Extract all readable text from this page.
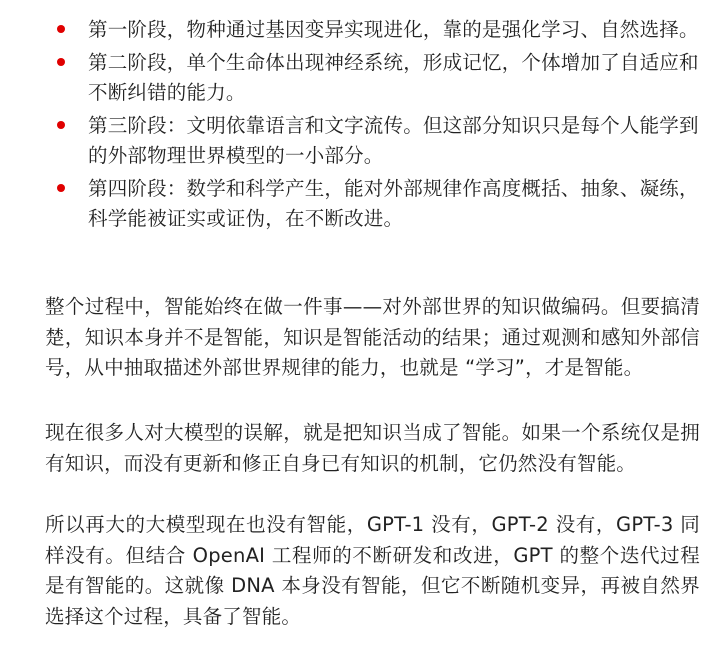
第一阶段，物种通过基因变异实现进化，靠的是强化学习、自然选择。
第二阶段，单个生命体出现神经系统，形成记忆，个体增加了自适应和不断纠错的能力。
第三阶段：文明依靠语言和文字流传。但这部分知识只是每个人能学到的外部物理世界模型的一小部分。
第四阶段：数学和科学产生，能对外部规律作高度概括、抽象、凝练，科学能被证实或证伪，在不断改进。

整个过程中，智能始终在做一件事——对外部世界的知识做编码。但要搞清楚，知识本身并不是智能，知识是智能活动的结果；通过观测和感知外部信号，从中抽取描述外部世界规律的能力，也就是 “学习”，才是智能。

现在很多人对大模型的误解，就是把知识当成了智能。如果一个系统仅是拥有知识，而没有更新和修正自身已有知识的机制，它仍然没有智能。

所以再大的大模型现在也没有智能，GPT-1 没有，GPT-2 没有，GPT-3 同样没有。但结合 OpenAI 工程师的不断研发和改进，GPT 的整个迭代过程是有智能的。这就像 DNA 本身没有智能，但它不断随机变异，再被自然界选择这个过程，具备了智能。
